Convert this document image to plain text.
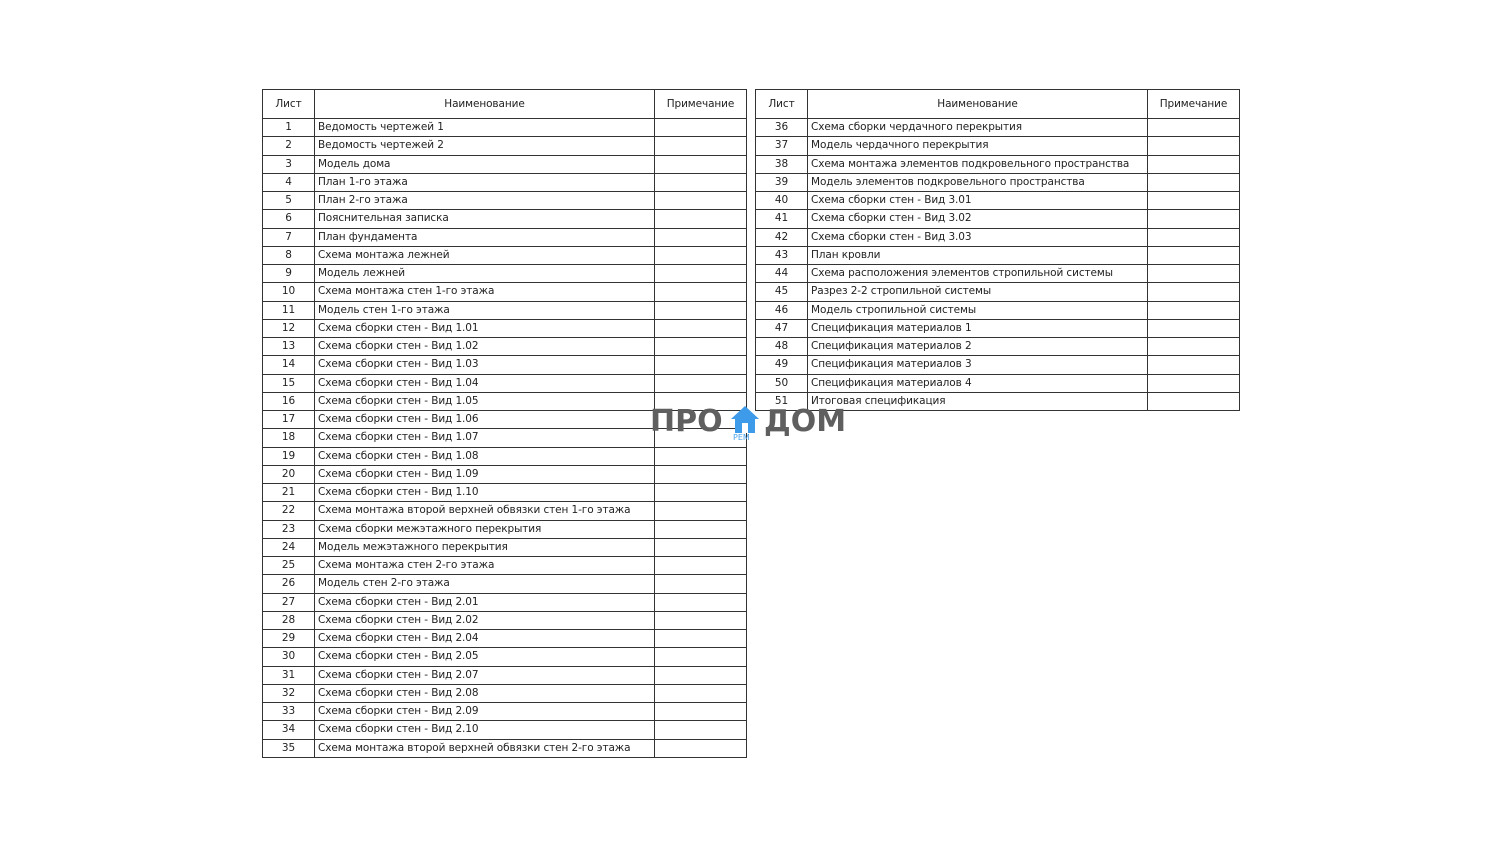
Лист	Наименование	Примечание
1	Ведомость чертежей 1	
2	Ведомость чертежей 2	
3	Модель дома	
4	План 1-го этажа	
5	План 2-го этажа	
6	Пояснительная записка	
7	План фундамента	
8	Схема монтажа лежней	
9	Модель лежней	
10	Схема монтажа стен 1-го этажа	
11	Модель стен 1-го этажа	
12	Схема сборки стен - Вид 1.01	
13	Схема сборки стен - Вид 1.02	
14	Схема сборки стен - Вид 1.03	
15	Схема сборки стен - Вид 1.04	
16	Схема сборки стен - Вид 1.05	
17	Схема сборки стен - Вид 1.06	
18	Схема сборки стен - Вид 1.07	
19	Схема сборки стен - Вид 1.08	
20	Схема сборки стен - Вид 1.09	
21	Схема сборки стен - Вид 1.10	
22	Схема монтажа второй верхней обвязки стен 1-го этажа	
23	Схема сборки межэтажного перекрытия	
24	Модель межэтажного перекрытия	
25	Схема монтажа стен 2-го этажа	
26	Модель стен 2-го этажа	
27	Схема сборки стен - Вид 2.01	
28	Схема сборки стен - Вид 2.02	
29	Схема сборки стен - Вид 2.04	
30	Схема сборки стен - Вид 2.05	
31	Схема сборки стен - Вид 2.07	
32	Схема сборки стен - Вид 2.08	
33	Схема сборки стен - Вид 2.09	
34	Схема сборки стен - Вид 2.10	
35	Схема монтажа второй верхней обвязки стен 2-го этажа	
Лист	Наименование	Примечание
36	Схема сборки чердачного перекрытия	
37	Модель чердачного перекрытия	
38	Схема монтажа элементов подкровельного пространства	
39	Модель элементов подкровельного пространства	
40	Схема сборки стен - Вид 3.01	
41	Схема сборки стен - Вид 3.02	
42	Схема сборки стен - Вид 3.03	
43	План кровли	
44	Схема расположения элементов стропильной системы	
45	Разрез 2-2 стропильной системы	
46	Модель стропильной системы	
47	Спецификация материалов 1	
48	Спецификация материалов 2	
49	Спецификация материалов 3	
50	Спецификация материалов 4	
51	Итоговая спецификация	
ПРО РЕМ ДОМ
